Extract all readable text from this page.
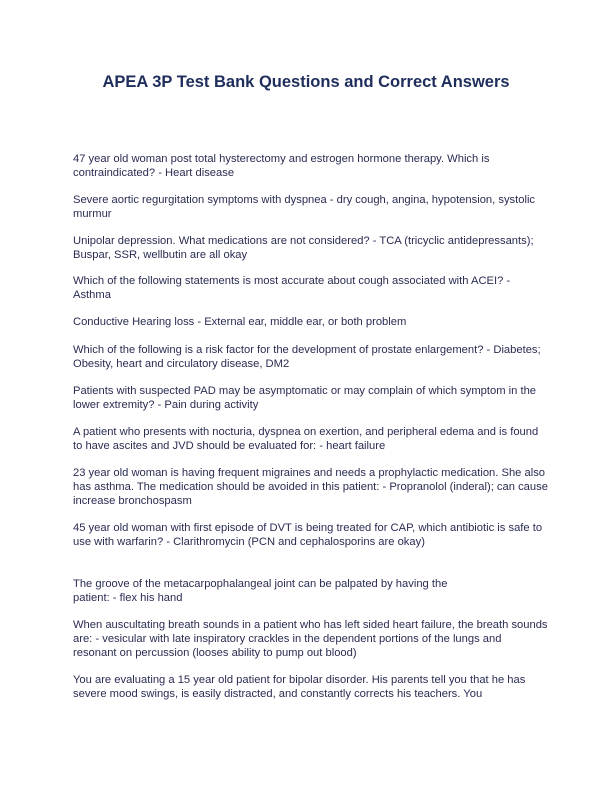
APEA 3P Test Bank Questions and Correct Answers

47 year old woman post total hysterectomy and estrogen hormone therapy. Which is contraindicated? - Heart disease

Severe aortic regurgitation symptoms with dyspnea - dry cough, angina, hypotension, systolic murmur

Unipolar depression. What medications are not considered? - TCA (tricyclic antidepressants); Buspar, SSR, wellbutin are all okay

Which of the following statements is most accurate about cough associated with ACEI? - Asthma

Conductive Hearing loss - External ear, middle ear, or both problem

Which of the following is a risk factor for the development of prostate enlargement? - Diabetes; Obesity, heart and circulatory disease, DM2

Patients with suspected PAD may be asymptomatic or may complain of which symptom in the lower extremity? - Pain during activity

A patient who presents with nocturia, dyspnea on exertion, and peripheral edema and is found to have ascites and JVD should be evaluated for: - heart failure

23 year old woman is having frequent migraines and needs a prophylactic medication. She also has asthma. The medication should be avoided in this patient: - Propranolol (inderal); can cause increase bronchospasm

45 year old woman with first episode of DVT is being treated for CAP, which antibiotic is safe to use with warfarin? - Clarithromycin (PCN and cephalosporins are okay)

The groove of the metacarpophalangeal joint can be palpated by having the
patient: - flex his hand

When auscultating breath sounds in a patient who has left sided heart failure, the breath sounds are: - vesicular with late inspiratory crackles in the dependent portions of the lungs and resonant on percussion (looses ability to pump out blood)

You are evaluating a 15 year old patient for bipolar disorder. His parents tell you that he has severe mood swings, is easily distracted, and constantly corrects his teachers. You
